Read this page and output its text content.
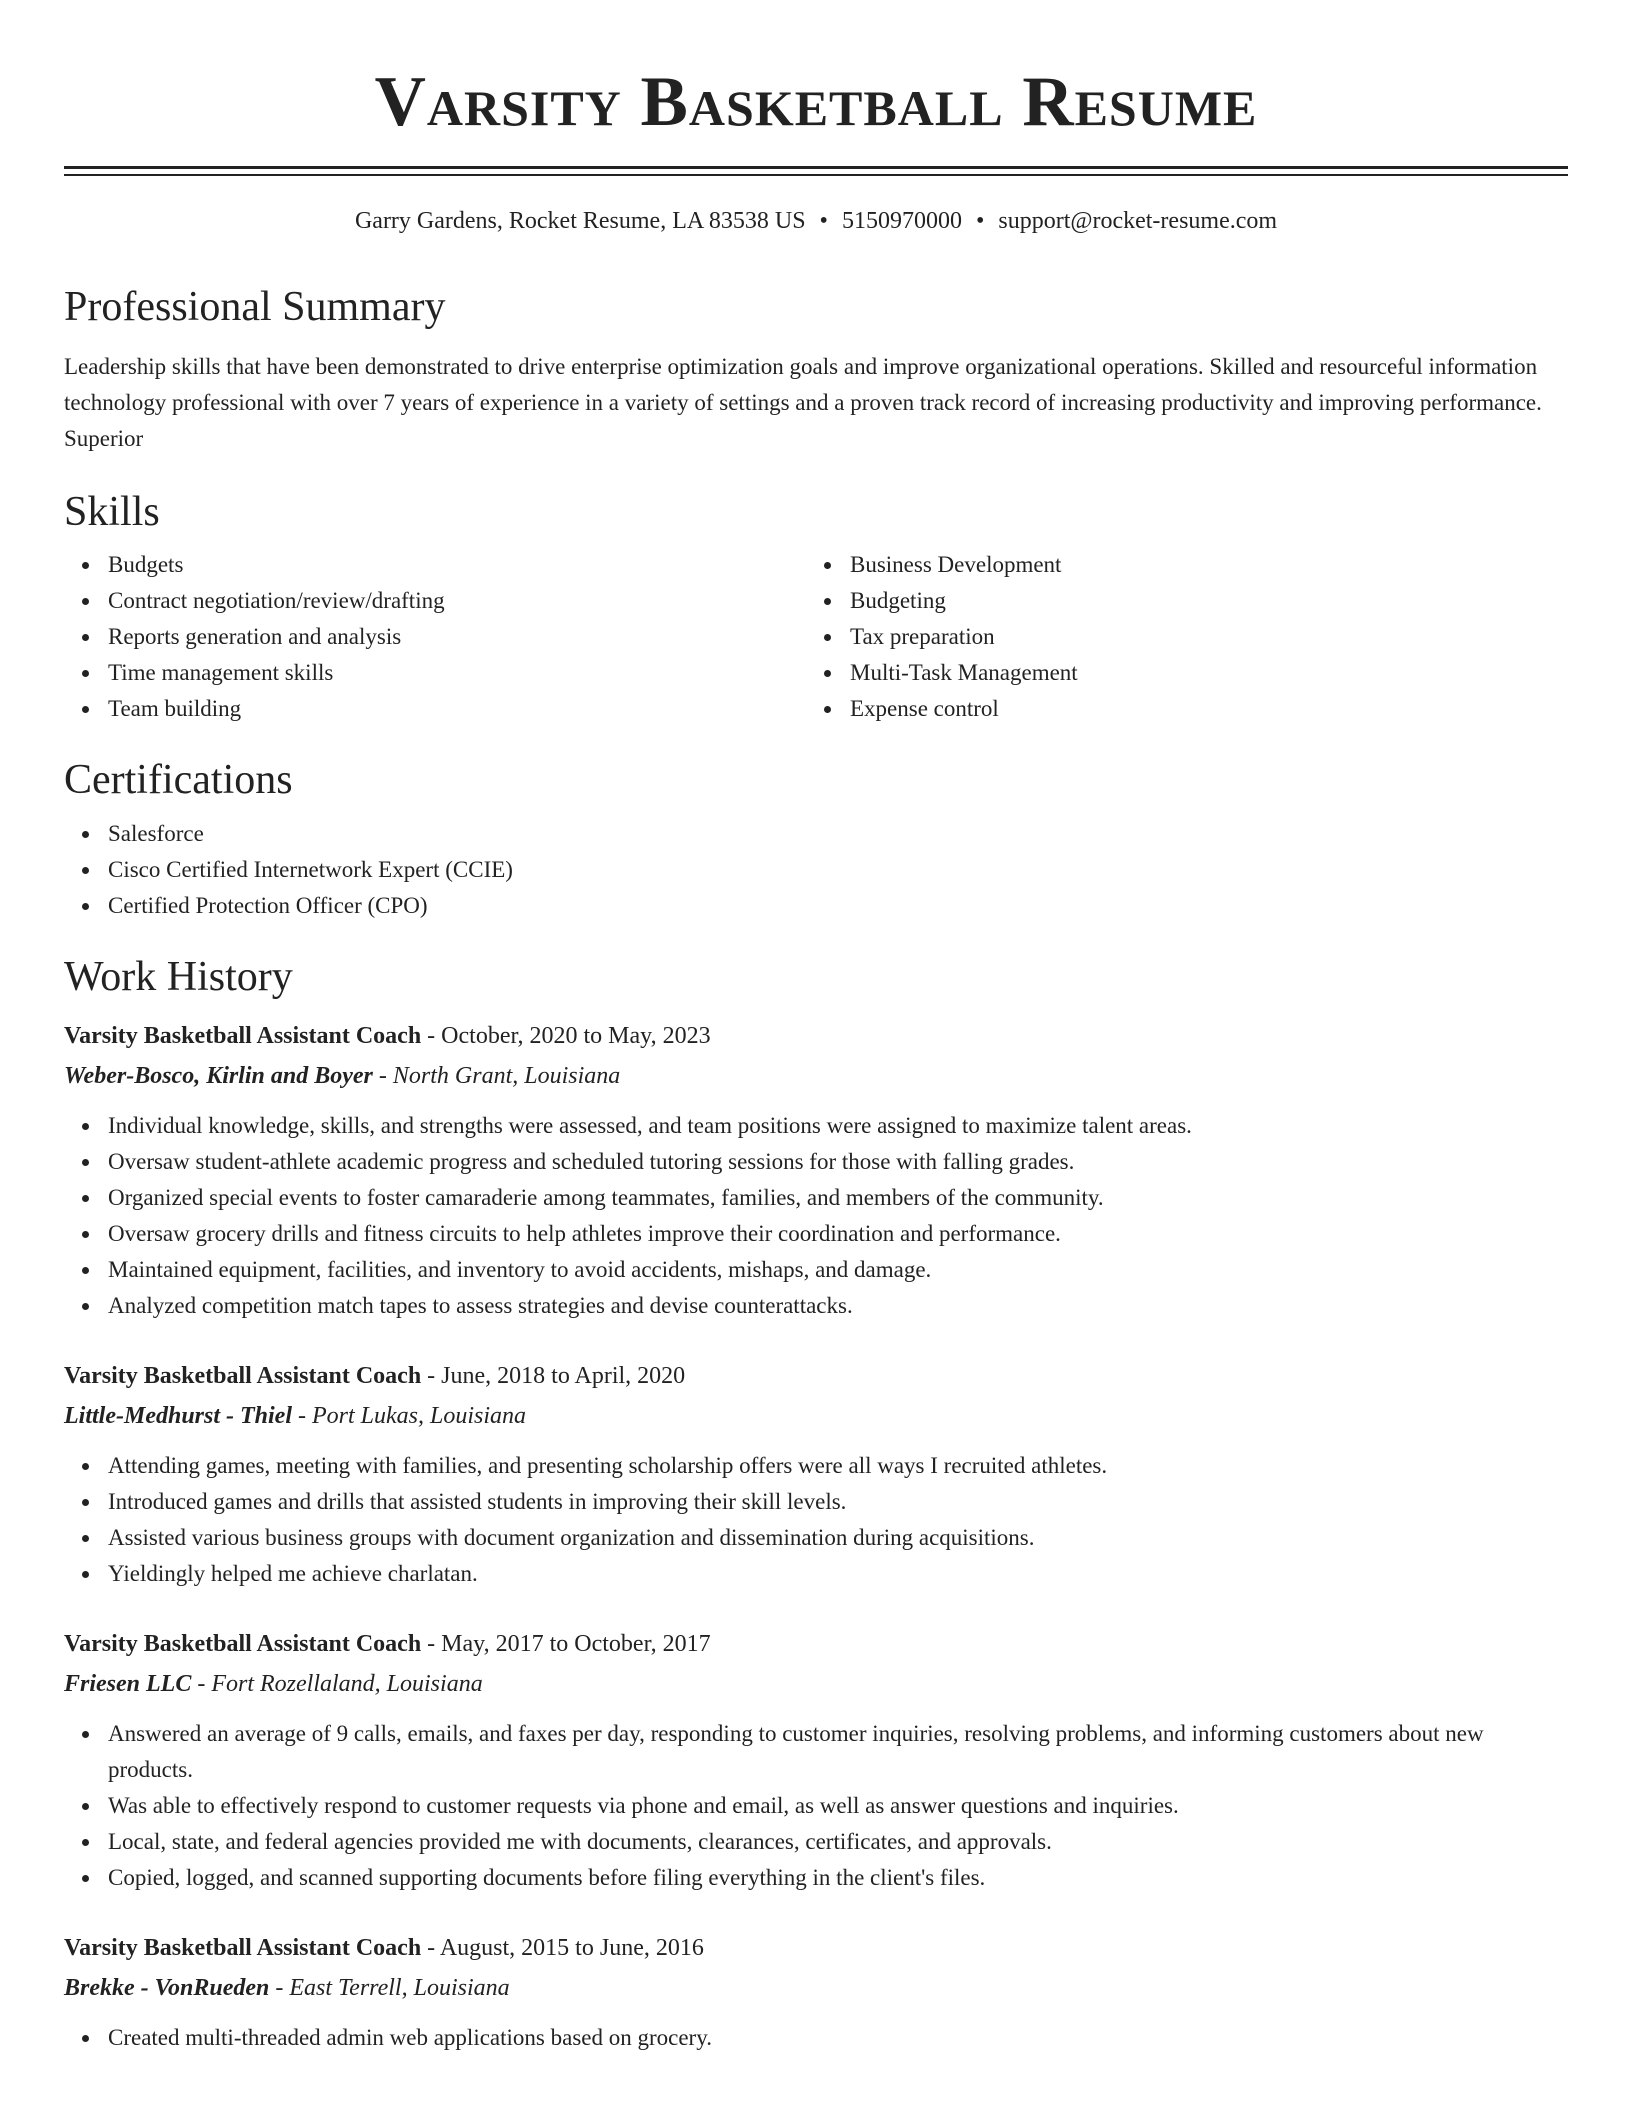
Varsity Basketball Resume
Garry Gardens, Rocket Resume, LA 83538 US • 5150970000 • support@rocket-resume.com
Professional Summary
Leadership skills that have been demonstrated to drive enterprise optimization goals and improve organizational operations. Skilled and resourceful information technology professional with over 7 years of experience in a variety of settings and a proven track record of increasing productivity and improving performance. Superior
Skills
Budgets
Contract negotiation/review/drafting
Reports generation and analysis
Time management skills
Team building
Business Development
Budgeting
Tax preparation
Multi-Task Management
Expense control
Certifications
Salesforce
Cisco Certified Internetwork Expert (CCIE)
Certified Protection Officer (CPO)
Work History
Varsity Basketball Assistant Coach - October, 2020 to May, 2023
Weber-Bosco, Kirlin and Boyer - North Grant, Louisiana
Individual knowledge, skills, and strengths were assessed, and team positions were assigned to maximize talent areas.
Oversaw student-athlete academic progress and scheduled tutoring sessions for those with falling grades.
Organized special events to foster camaraderie among teammates, families, and members of the community.
Oversaw grocery drills and fitness circuits to help athletes improve their coordination and performance.
Maintained equipment, facilities, and inventory to avoid accidents, mishaps, and damage.
Analyzed competition match tapes to assess strategies and devise counterattacks.
Varsity Basketball Assistant Coach - June, 2018 to April, 2020
Little-Medhurst - Thiel - Port Lukas, Louisiana
Attending games, meeting with families, and presenting scholarship offers were all ways I recruited athletes.
Introduced games and drills that assisted students in improving their skill levels.
Assisted various business groups with document organization and dissemination during acquisitions.
Yieldingly helped me achieve charlatan.
Varsity Basketball Assistant Coach - May, 2017 to October, 2017
Friesen LLC - Fort Rozellaland, Louisiana
Answered an average of 9 calls, emails, and faxes per day, responding to customer inquiries, resolving problems, and informing customers about new products.
Was able to effectively respond to customer requests via phone and email, as well as answer questions and inquiries.
Local, state, and federal agencies provided me with documents, clearances, certificates, and approvals.
Copied, logged, and scanned supporting documents before filing everything in the client's files.
Varsity Basketball Assistant Coach - August, 2015 to June, 2016
Brekke - VonRueden - East Terrell, Louisiana
Created multi-threaded admin web applications based on grocery.
